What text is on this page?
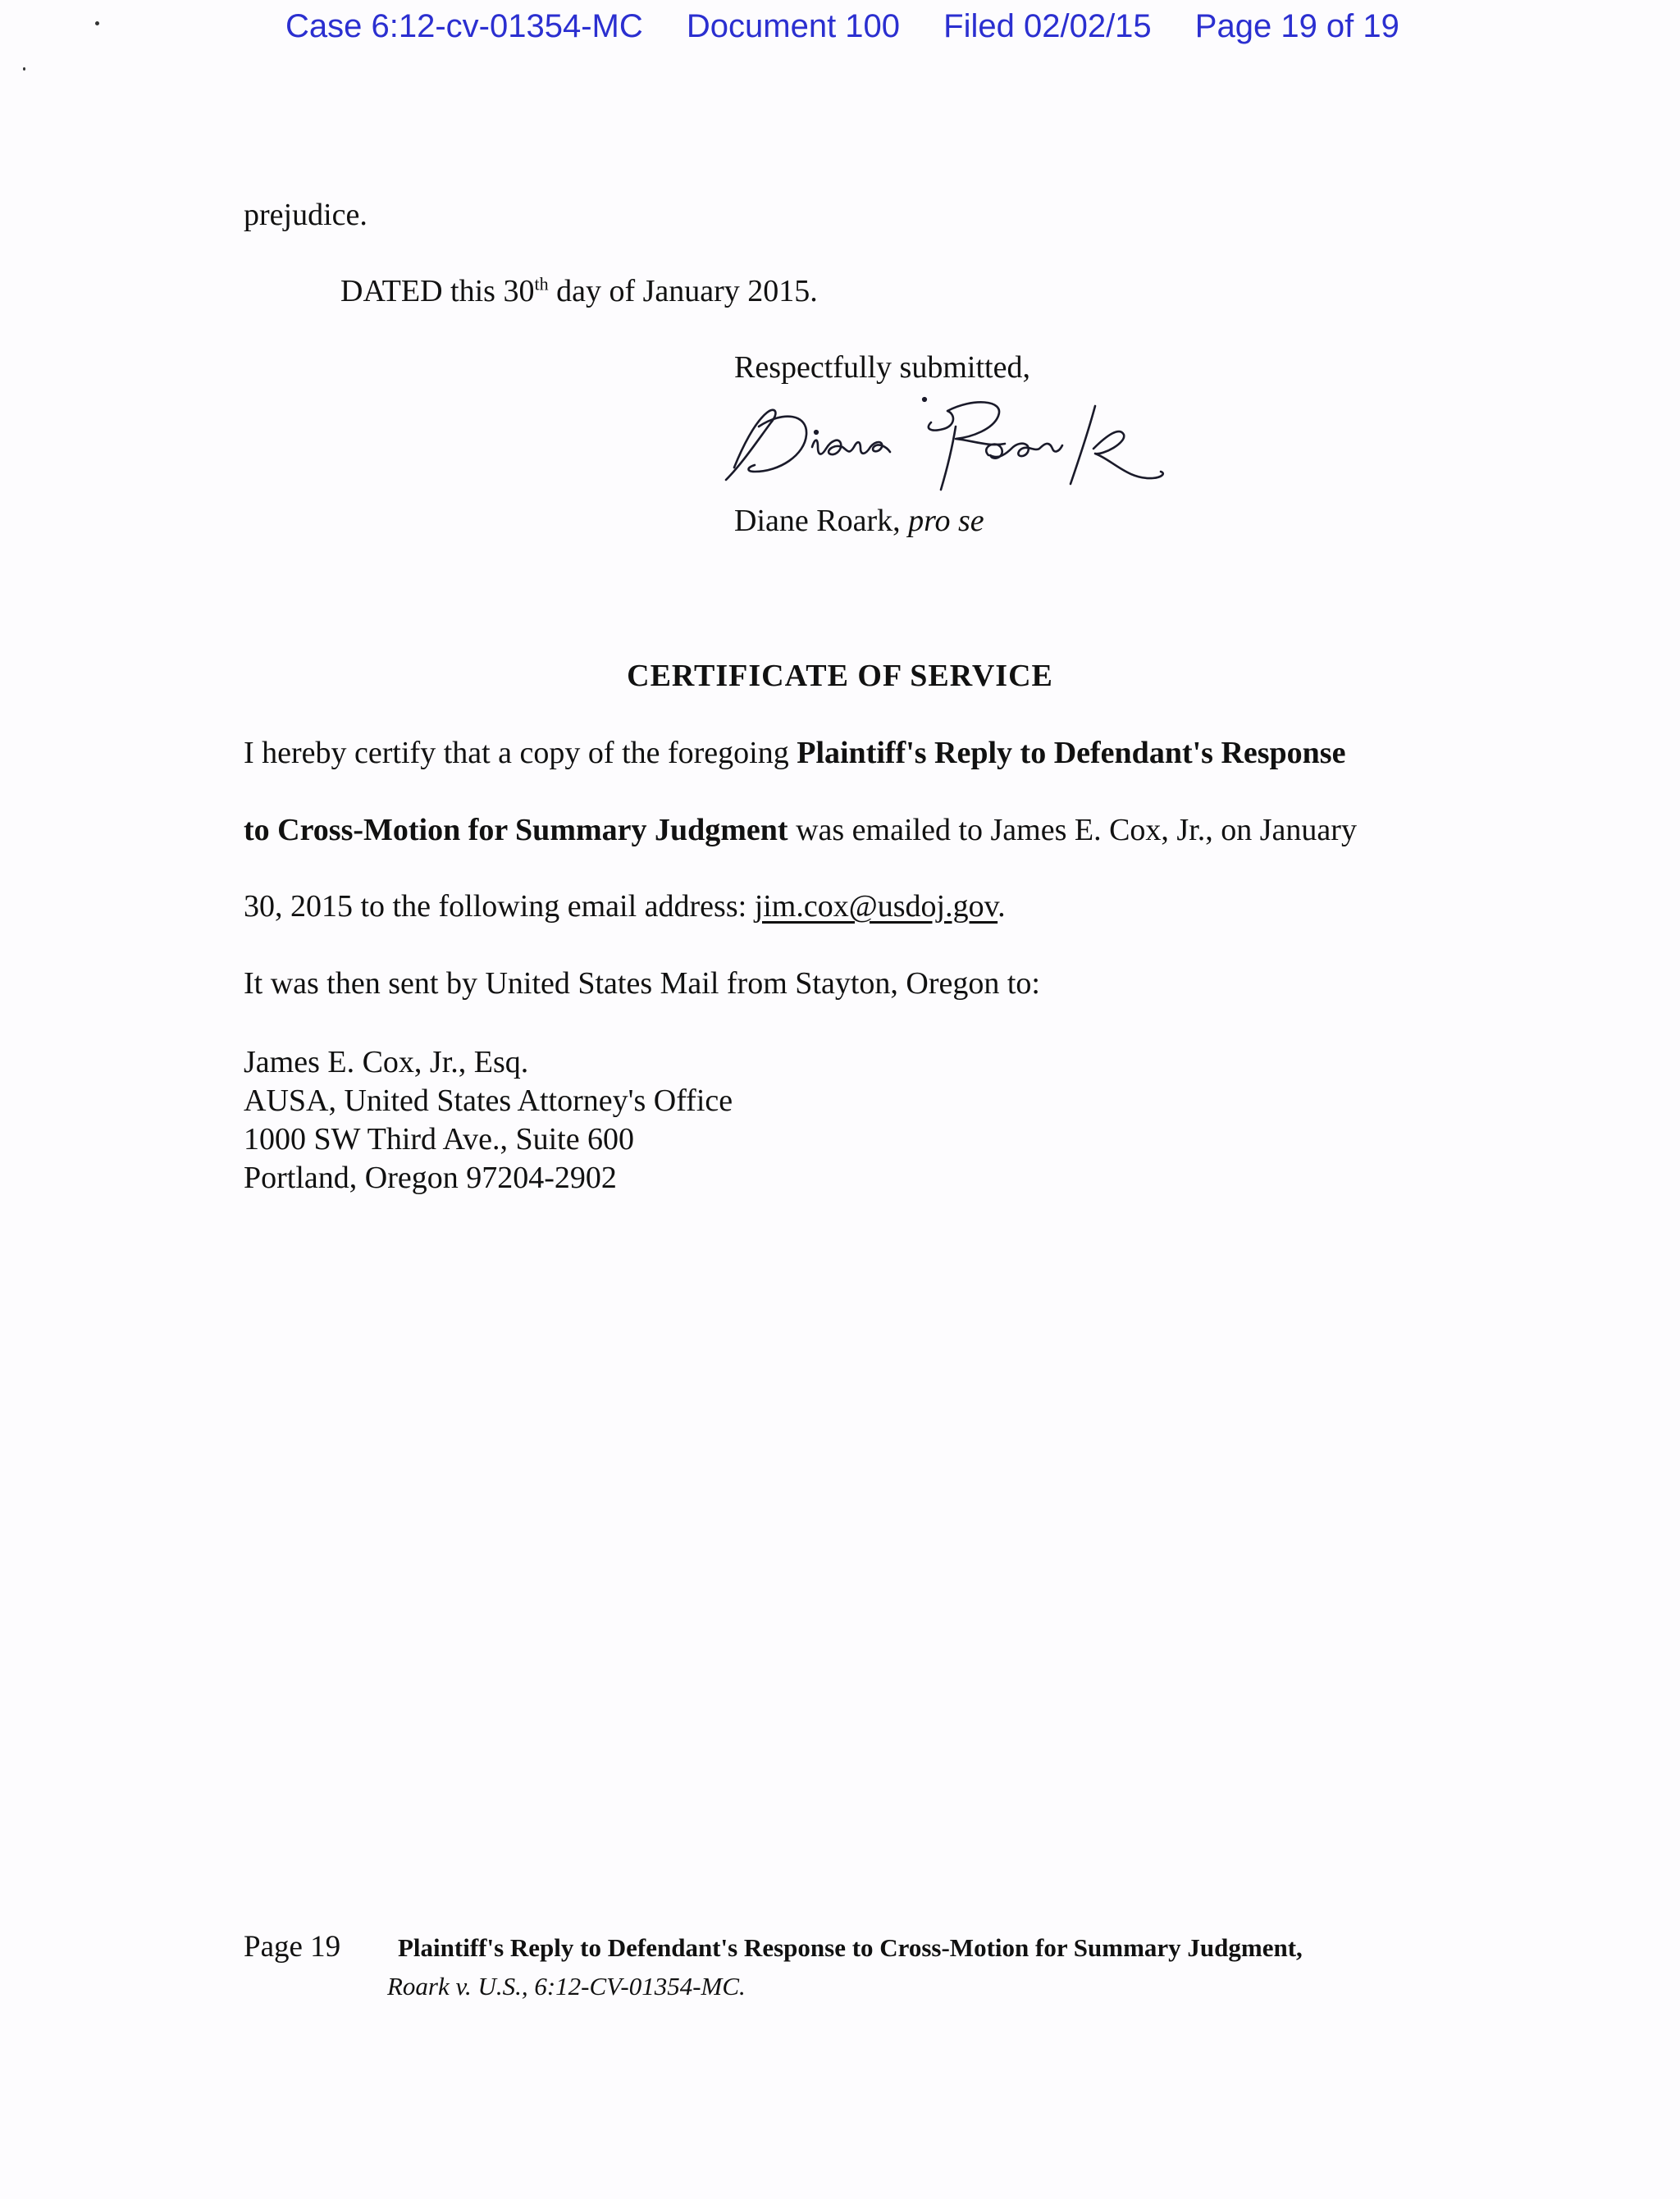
Case 6:12-cv-01354-MC Document 100 Filed 02/02/15 Page 19 of 19
prejudice.
DATED this 30th day of January 2015.
Respectfully submitted,
Diane Roark, pro se
CERTIFICATE OF SERVICE
I hereby certify that a copy of the foregoing Plaintiff's Reply to Defendant's Response
to Cross-Motion for Summary Judgment was emailed to James E. Cox, Jr., on January
30, 2015 to the following email address: jim.cox@usdoj.gov.
It was then sent by United States Mail from Stayton, Oregon to:
James E. Cox, Jr., Esq.
AUSA, United States Attorney's Office
1000 SW Third Ave., Suite 600
Portland, Oregon 97204-2902
Page 19 Plaintiff's Reply to Defendant's Response to Cross-Motion for Summary Judgment,
Roark v. U.S., 6:12-CV-01354-MC.
